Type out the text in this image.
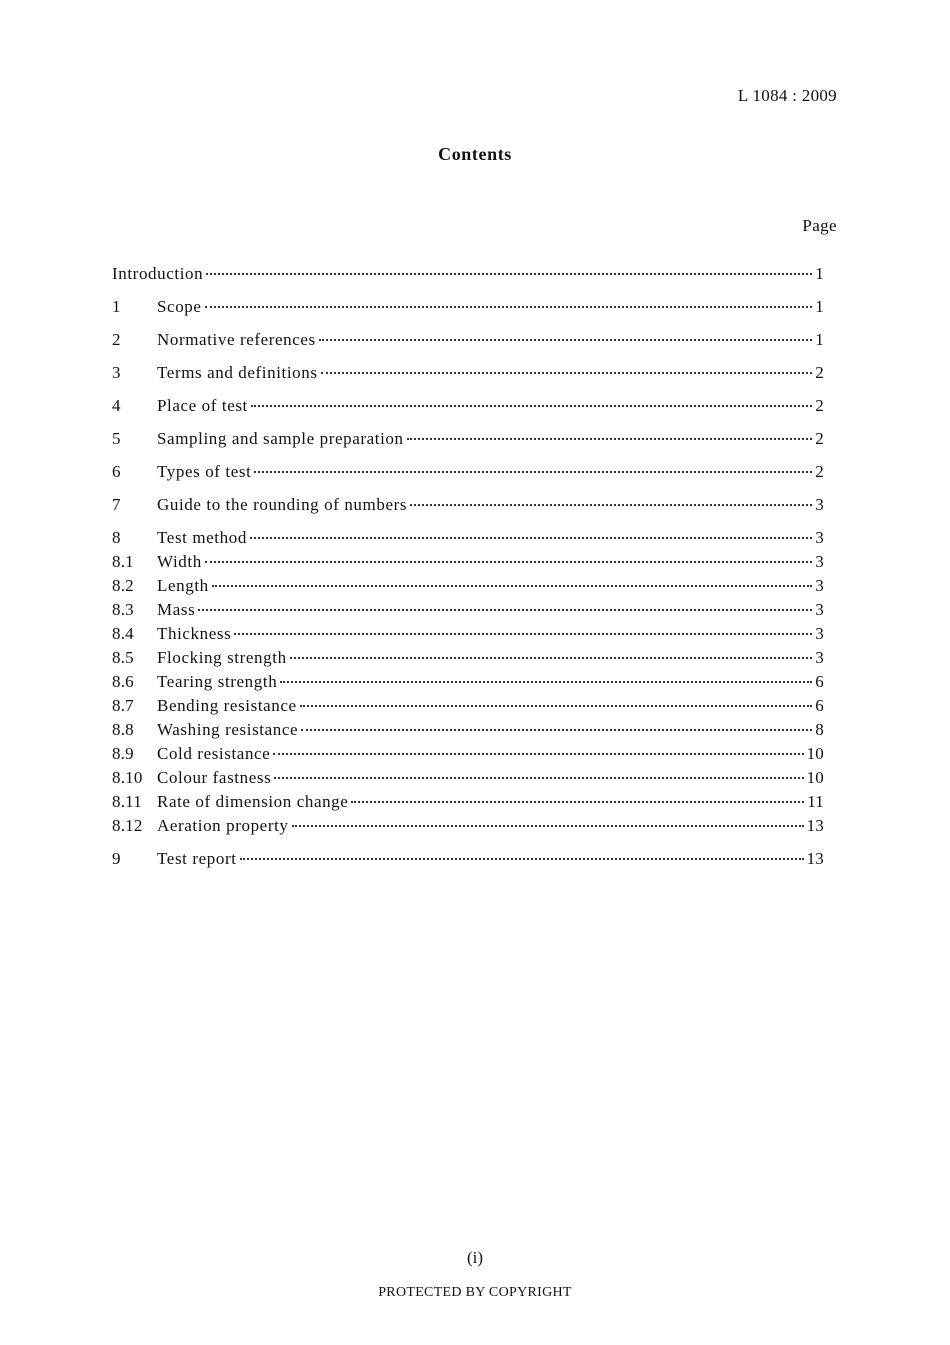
L 1084 : 2009
Contents
Page
Introduction	1
1	Scope	1
2	Normative references	1
3	Terms and definitions	2
4	Place of test	2
5	Sampling and sample preparation	2
6	Types of test	2
7	Guide to the rounding of numbers	3
8	Test method	3
8.1	Width	3
8.2	Length	3
8.3	Mass	3
8.4	Thickness	3
8.5	Flocking strength	3
8.6	Tearing strength	6
8.7	Bending resistance	6
8.8	Washing resistance	8
8.9	Cold resistance	10
8.10 Colour fastness	10
8.11 Rate of dimension change	11
8.12 Aeration property	13
9	Test report	13
(i)
PROTECTED BY COPYRIGHT
